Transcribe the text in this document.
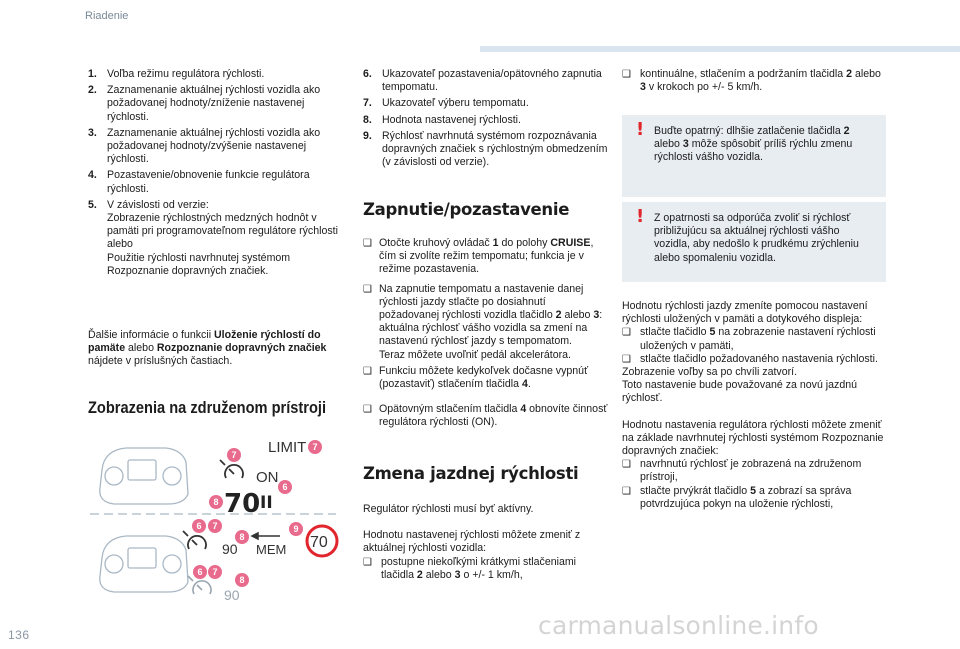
Riadenie
1. Voľba režimu regulátora rýchlosti.
2. Zaznamenanie aktuálnej rýchlosti vozidla ako požadovanej hodnoty/zníženie nastavenej rýchlosti.
3. Zaznamenanie aktuálnej rýchlosti vozidla ako požadovanej hodnoty/zvýšenie nastavenej rýchlosti.
4. Pozastavenie/obnovenie funkcie regulátora rýchlosti.
5. V závislosti od verzie:
Zobrazenie rýchlostných medzných hodnôt v pamäti pri programovateľnom regulátore rýchlosti
alebo
Použitie rýchlosti navrhnutej systémom Rozpoznanie dopravných značiek.
Ďalšie informácie o funkcii Uloženie rýchlostí do pamäte alebo Rozpoznanie dopravných značiek nájdete v príslušných častiach.
Zobrazenia na združenom prístroji
LIMIT
ON
70 II
90 MEM 70
90
7
7
6
8
6 7
8
9
6 7
8
6. Ukazovateľ pozastavenia/opätovného zapnutia tempomatu.
7. Ukazovateľ výberu tempomatu.
8. Hodnota nastavenej rýchlosti.
9. Rýchlosť navrhnutá systémom rozpoznávania dopravných značiek s rýchlostným obmedzením (v závislosti od verzie).
Zapnutie/pozastavenie
❑ Otočte kruhový ovládač 1 do polohy CRUISE, čím si zvolíte režim tempomatu; funkcia je v režime pozastavenia.
❑ Na zapnutie tempomatu a nastavenie danej rýchlosti jazdy stlačte po dosiahnutí požadovanej rýchlosti vozidla tlačidlo 2 alebo 3: aktuálna rýchlosť vášho vozidla sa zmení na nastavenú rýchlosť jazdy s tempomatom.
Teraz môžete uvoľniť pedál akcelerátora.
❑ Funkciu môžete kedykoľvek dočasne vypnúť (pozastaviť) stlačením tlačidla 4.
❑ Opätovným stlačením tlačidla 4 obnovíte činnosť regulátora rýchlosti (ON).
Zmena jazdnej rýchlosti
Regulátor rýchlosti musí byť aktívny.
Hodnotu nastavenej rýchlosti môžete zmeniť z aktuálnej rýchlosti vozidla:
❑ postupne niekoľkými krátkymi stlačeniami tlačidla 2 alebo 3 o +/- 1 km/h,
❑ kontinuálne, stlačením a podržaním tlačidla 2 alebo 3 v krokoch po +/- 5 km/h.
! Buďte opatrný: dlhšie zatlačenie tlačidla 2 alebo 3 môže spôsobiť príliš rýchlu zmenu rýchlosti vášho vozidla.
! Z opatrnosti sa odporúča zvoliť si rýchlosť približujúcu sa aktuálnej rýchlosti vášho vozidla, aby nedošlo k prudkému zrýchleniu alebo spomaleniu vozidla.
Hodnotu rýchlosti jazdy zmeníte pomocou nastavení rýchlosti uložených v pamäti a dotykového displeja:
❑ stlačte tlačidlo 5 na zobrazenie nastavení rýchlosti uložených v pamäti,
❑ stlačte tlačidlo požadovaného nastavenia rýchlosti.
Zobrazenie voľby sa po chvíli zatvorí.
Toto nastavenie bude považované za novú jazdnú rýchlosť.
Hodnotu nastavenia regulátora rýchlosti môžete zmeniť na základe navrhnutej rýchlosti systémom Rozpoznanie dopravných značiek:
❑ navrhnutú rýchlosť je zobrazená na združenom prístroji,
❑ stlačte prvýkrát tlačidlo 5 a zobrazí sa správa potvrdzujúca pokyn na uloženie rýchlosti,
136	carmanualsonline.info
